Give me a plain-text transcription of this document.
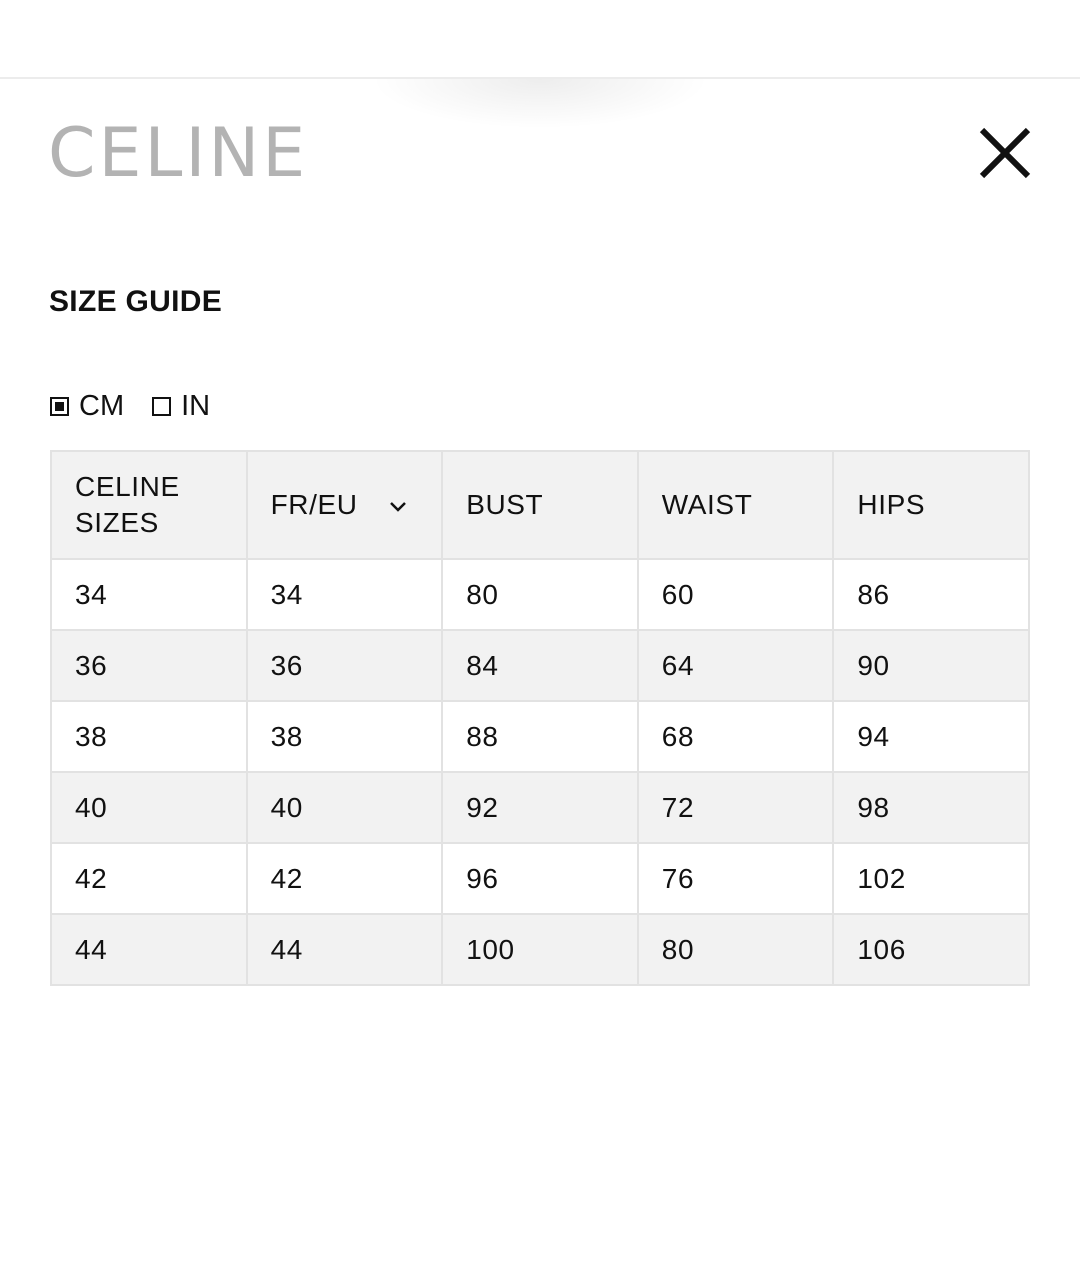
CELINE
SIZE GUIDE
CM IN
CELINE
SIZES	FR/EU	BUST	WAIST	HIPS
34	34	80	60	86
36	36	84	64	90
38	38	88	68	94
40	40	92	72	98
42	42	96	76	102
44	44	100	80	106
